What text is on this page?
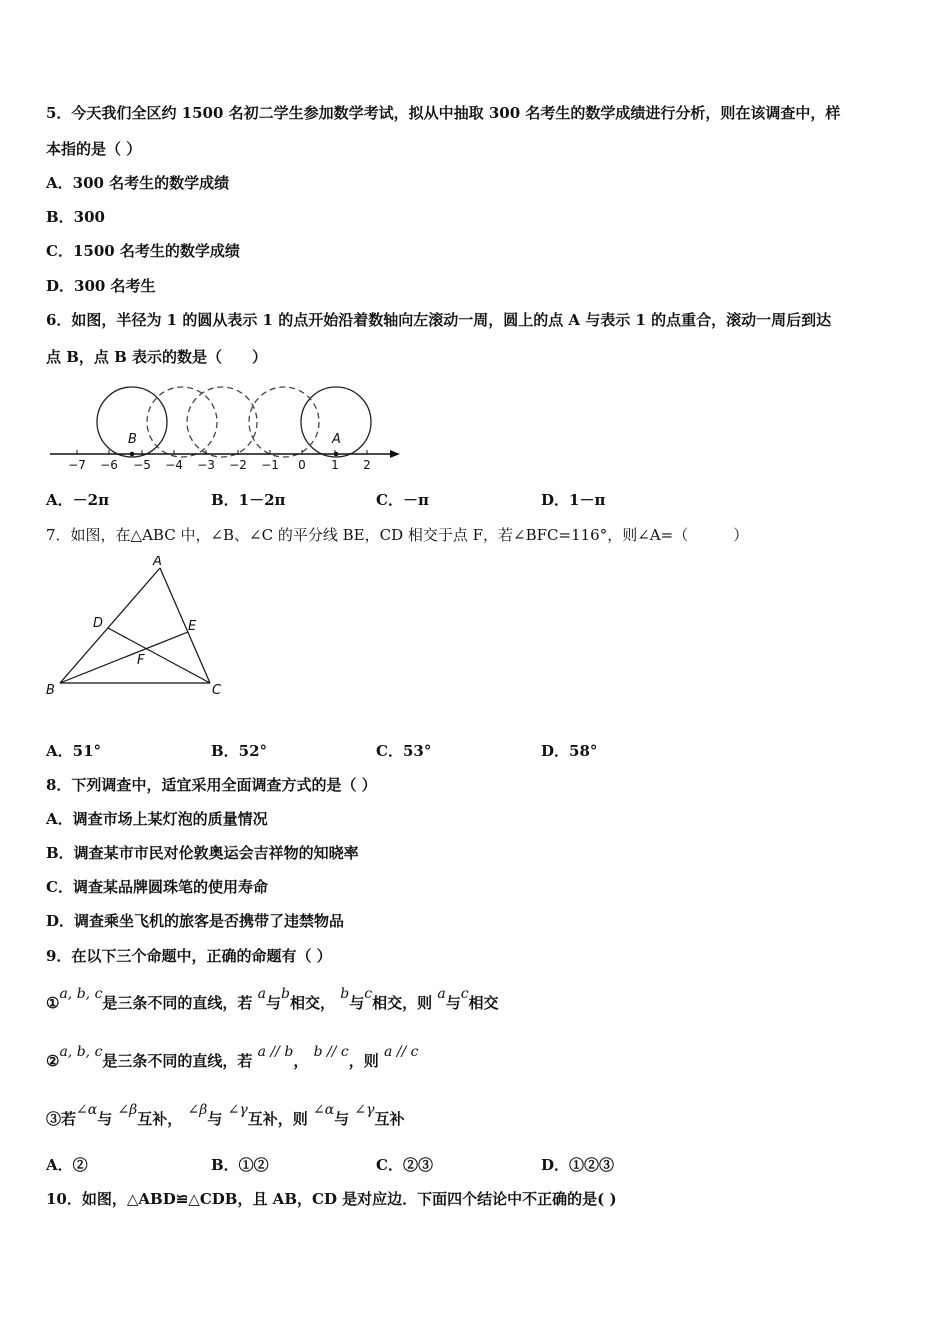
5．今天我们全区约 1500 名初二学生参加数学考试，拟从中抽取 300 名考生的数学成绩进行分析，则在该调查中，样
本指的是（ ）
A．300 名考生的数学成绩
B．300
C．1500 名考生的数学成绩
D．300 名考生
6．如图，半径为 1 的圆从表示 1 的点开始沿着数轴向左滚动一周，圆上的点 A 与表示 1 的点重合，滚动一周后到达
点 B，点 B 表示的数是（　　）
B	A
−7 −6 −5 −4 −3 −2 −1 0 1 2
A．－2π	B．1－2π	C．－π	D．1－π
7．如图，在△ABC 中，∠B、∠C 的平分线 BE，CD 相交于点 F，若∠BFC=116°，则∠A=（　　　）
A
B	C
D	E
F
A．51°	B．52°	C．53°	D．58°
8．下列调查中，适宜采用全面调查方式的是（ ）
A．调查市场上某灯泡的质量情况
B．调查某市市民对伦敦奥运会吉祥物的知晓率
C．调查某品牌圆珠笔的使用寿命
D．调查乘坐飞机的旅客是否携带了违禁物品
9．在以下三个命题中，正确的命题有（ ）
①a, b, c是三条不同的直线，若 a与b相交， b与c相交，则 a与c相交
②a, b, c是三条不同的直线，若 a // b， b // c，则 a // c
③若∠α与 ∠β互补， ∠β与 ∠γ互补，则 ∠α与 ∠γ互补
A．②	B．①②	C．②③	D．①②③
10．如图，△ABD≌△CDB，且 AB，CD 是对应边．下面四个结论中不正确的是( )
